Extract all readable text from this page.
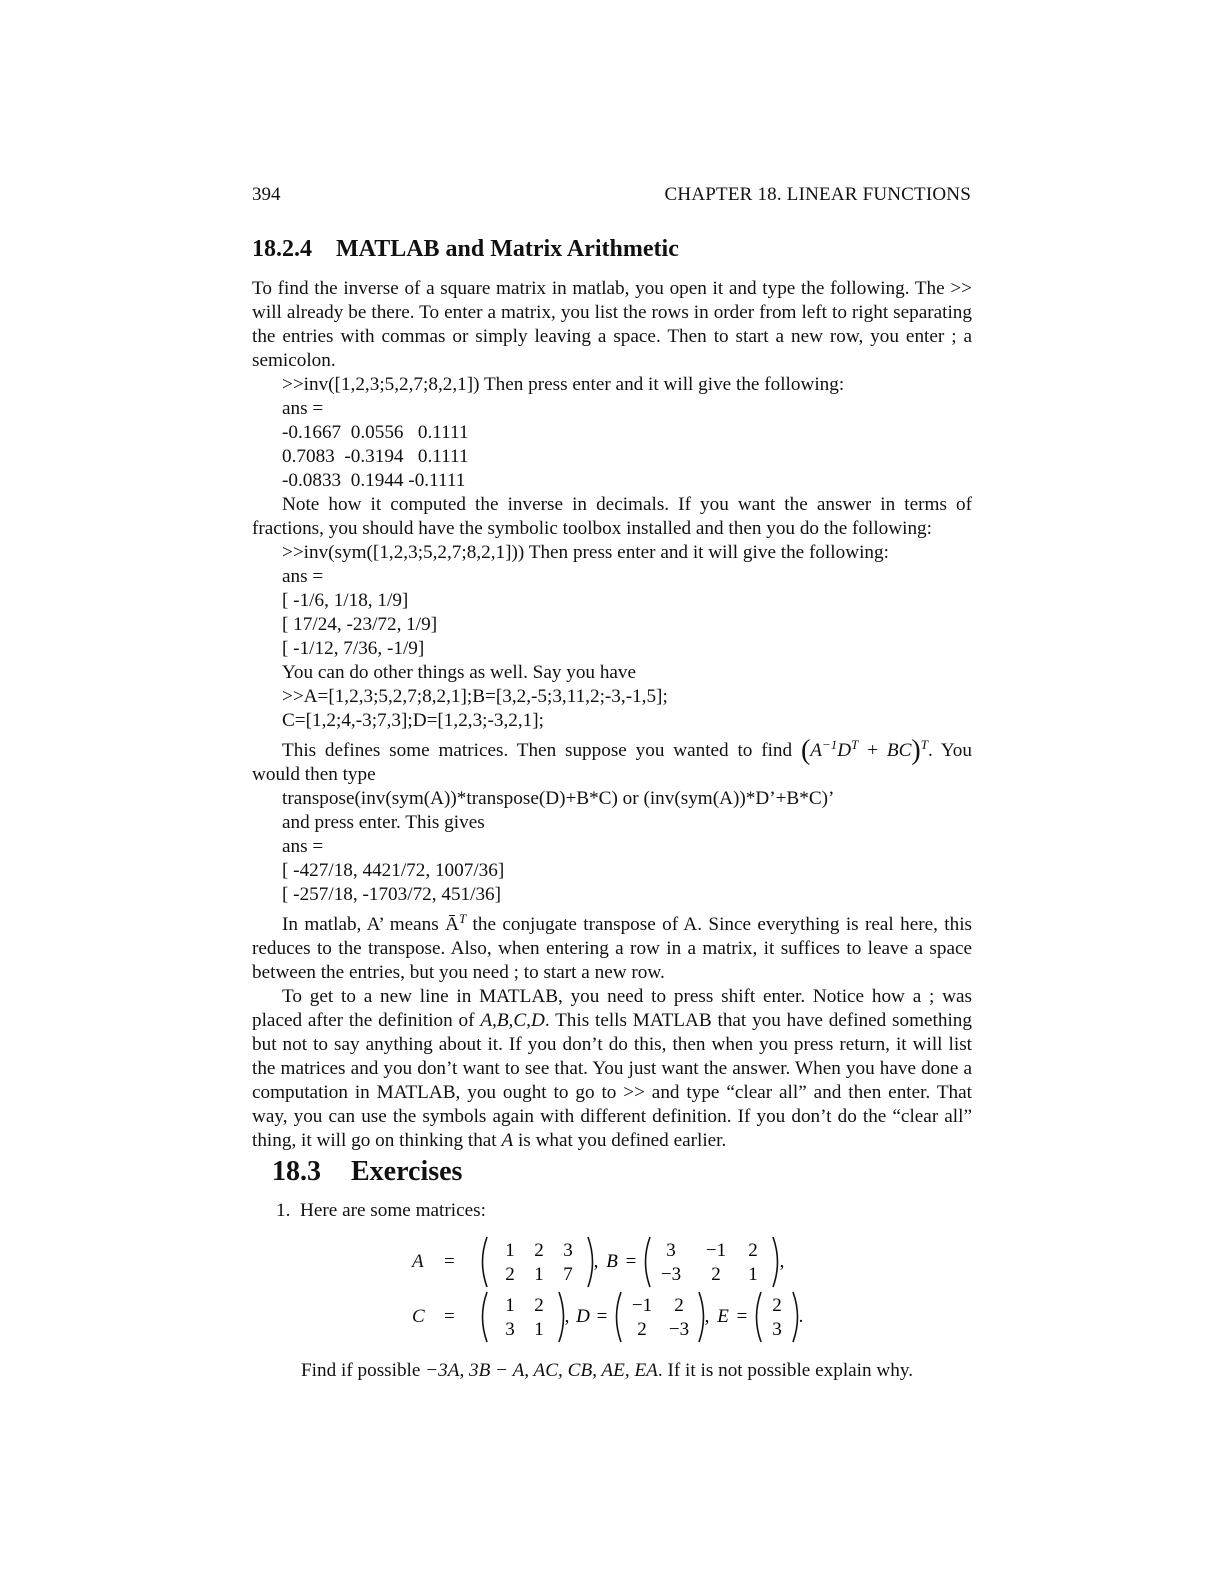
394	CHAPTER 18. LINEAR FUNCTIONS
18.2.4 MATLAB and Matrix Arithmetic

To find the inverse of a square matrix in matlab, you open it and type the following. The >> will already be there. To enter a matrix, you list the rows in order from left to right separating the entries with commas or simply leaving a space. Then to start a new row, you enter ; a semicolon.

>>inv([1,2,3;5,2,7;8,2,1]) Then press enter and it will give the following:
ans =
-0.1667  0.0556   0.1111
0.7083  -0.3194   0.1111
-0.0833  0.1944 -0.1111

Note how it computed the inverse in decimals. If you want the answer in terms of fractions, you should have the symbolic toolbox installed and then you do the following:

>>inv(sym([1,2,3;5,2,7;8,2,1])) Then press enter and it will give the following:
ans =
[ -1/6, 1/18, 1/9]
[ 17/24, -23/72, 1/9]
[ -1/12, 7/36, -1/9]
You can do other things as well. Say you have
>>A=[1,2,3;5,2,7;8,2,1];B=[3,2,-5;3,11,2;-3,-1,5];
C=[1,2;4,-3;7,3];D=[1,2,3;-3,2,1];

This defines some matrices. Then suppose you wanted to find $(A^{-1}D^T + BC)^T$. You would then type

transpose(inv(sym(A))*transpose(D)+B*C) or (inv(sym(A))*D’+B*C)’
and press enter. This gives
ans =
[ -427/18, 4421/72, 1007/36]
[ -257/18, -1703/72, 451/36]

In matlab, A’ means $Ā^T$ the conjugate transpose of A. Since everything is real here, this reduces to the transpose. Also, when entering a row in a matrix, it suffices to leave a space between the entries, but you need ; to start a new row.

To get to a new line in MATLAB, you need to press shift enter. Notice how a ; was placed after the definition of A,B,C,D. This tells MATLAB that you have defined something but not to say anything about it. If you don’t do this, then when you press return, it will list the matrices and you don’t want to see that. You just want the answer. When you have done a computation in MATLAB, you ought to go to >> and type “clear all” and then enter. That way, you can use the symbols again with different definition. If you don’t do the “clear all” thing, it will go on thinking that A is what you defined earlier.

18.3 Exercises
1. Here are some matrices:
A =
C =
1 2 3
2 1 7
, B =
3 −1 2
−3 2 1
,
1 2
3 1
, D =
−1 2
2 −3
, E =
2
3
.
Find if possible −3A, 3B − A, AC, CB, AE, EA. If it is not possible explain why.
